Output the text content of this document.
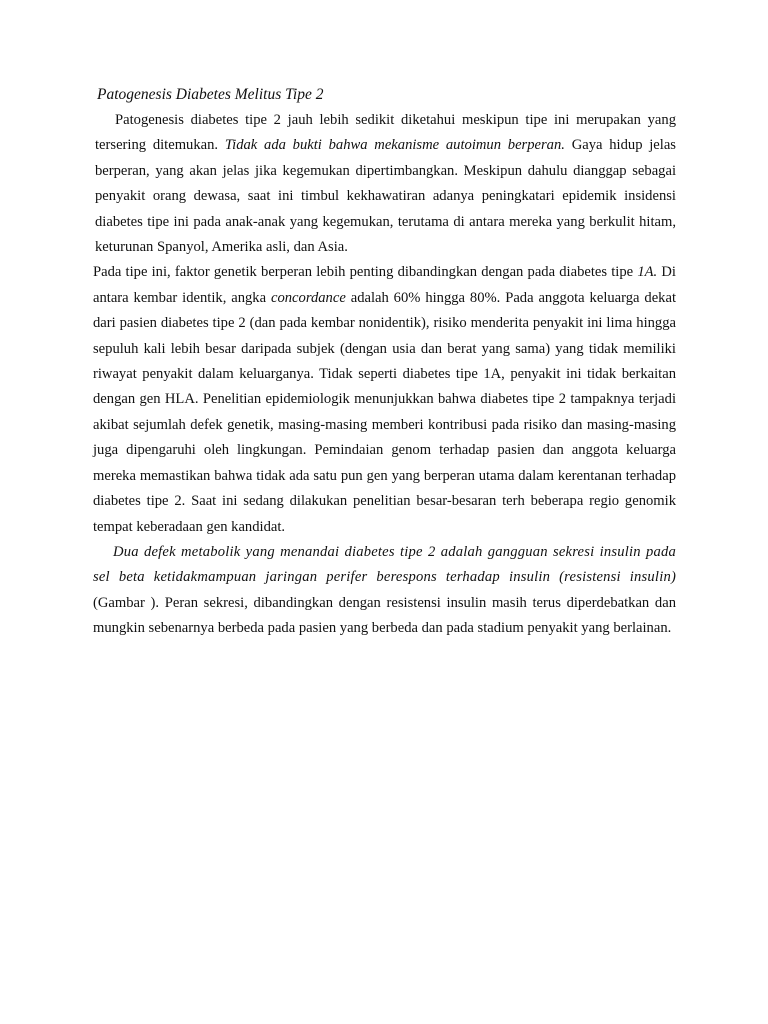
Patogenesis Diabetes Melitus Tipe 2

Patogenesis diabetes tipe 2 jauh lebih sedikit diketahui meskipun tipe ini merupakan yang tersering ditemukan. Tidak ada bukti bahwa mekanisme autoimun berperan. Gaya hidup jelas berperan, yang akan jelas jika kegemukan dipertimbangkan. Meskipun dahulu dianggap sebagai penyakit orang dewasa, saat ini timbul kekhawatiran adanya peningkatari epidemik insidensi diabetes tipe ini pada anak-anak yang kegemukan, terutama di antara mereka yang berkulit hitam, keturunan Spanyol, Amerika asli, dan Asia.

Pada tipe ini, faktor genetik berperan lebih penting dibandingkan dengan pada diabetes tipe 1A. Di antara kembar identik, angka concordance adalah 60% hingga 80%. Pada anggota keluarga dekat dari pasien diabetes tipe 2 (dan pada kembar nonidentik), risiko menderita penyakit ini lima hingga sepuluh kali lebih besar daripada subjek (dengan usia dan berat yang sama) yang tidak memiliki riwayat penyakit dalam keluarganya. Tidak seperti diabetes tipe 1A, penyakit ini tidak berkaitan dengan gen HLA. Penelitian epidemiologik menunjukkan bahwa diabetes tipe 2 tampaknya terjadi akibat sejumlah defek genetik, masing-masing memberi kontribusi pada risiko dan masing-masing juga dipengaruhi oleh lingkungan. Pemindaian genom terhadap pasien dan anggota keluarga mereka memastikan bahwa tidak ada satu pun gen yang berperan utama dalam kerentanan terhadap diabetes tipe 2. Saat ini sedang dilakukan penelitian besar-besaran terh beberapa regio genomik tempat keberadaan gen kandidat.

Dua defek metabolik yang menandai diabetes tipe 2 adalah gangguan sekresi insulin pada sel beta ketidakmampuan jaringan perifer berespons terhadap insulin (resistensi insulin) (Gambar ). Peran sekresi, dibandingkan dengan resistensi insulin masih terus diperdebatkan dan mungkin sebenarnya berbeda pada pasien yang berbeda dan pada stadium penyakit yang berlainan.
